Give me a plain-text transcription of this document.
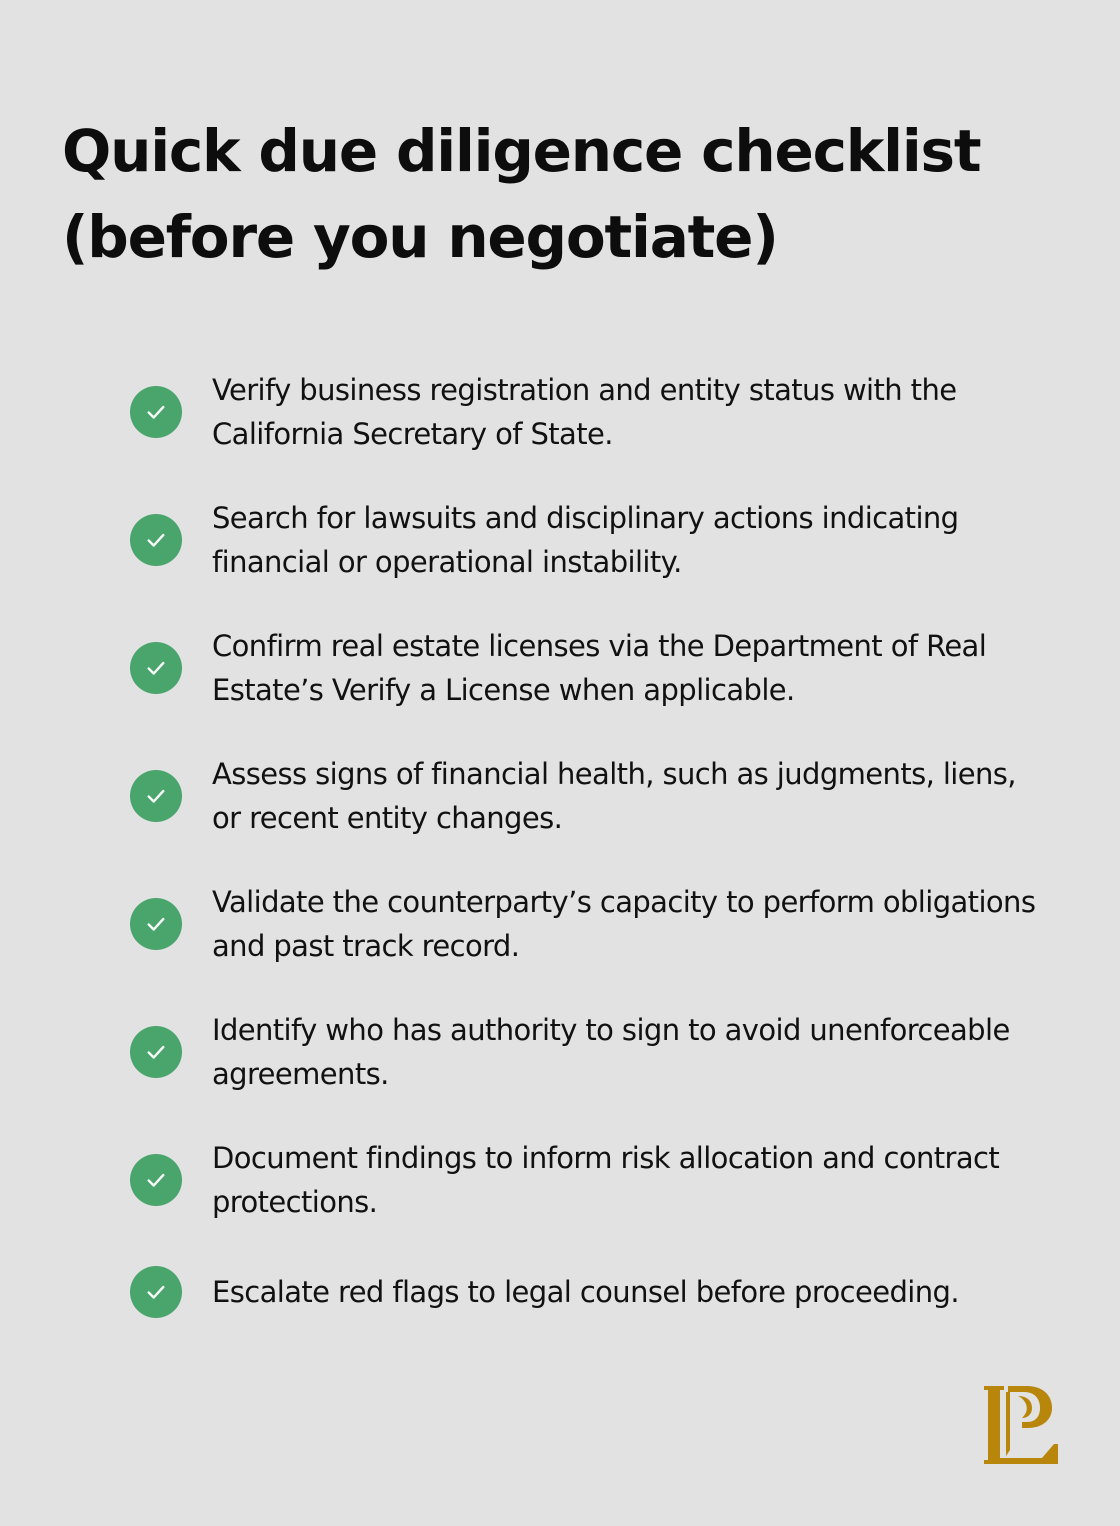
Quick due diligence checklist
(before you negotiate)
Verify business registration and entity status with the California Secretary of State.
Search for lawsuits and disciplinary actions indicating financial or operational instability.
Confirm real estate licenses via the Department of Real Estate’s Verify a License when applicable.
Assess signs of financial health, such as judgments, liens, or recent entity changes.
Validate the counterparty’s capacity to perform obligations and past track record.
Identify who has authority to sign to avoid unenforceable agreements.
Document findings to inform risk allocation and contract protections.
Escalate red flags to legal counsel before proceeding.
